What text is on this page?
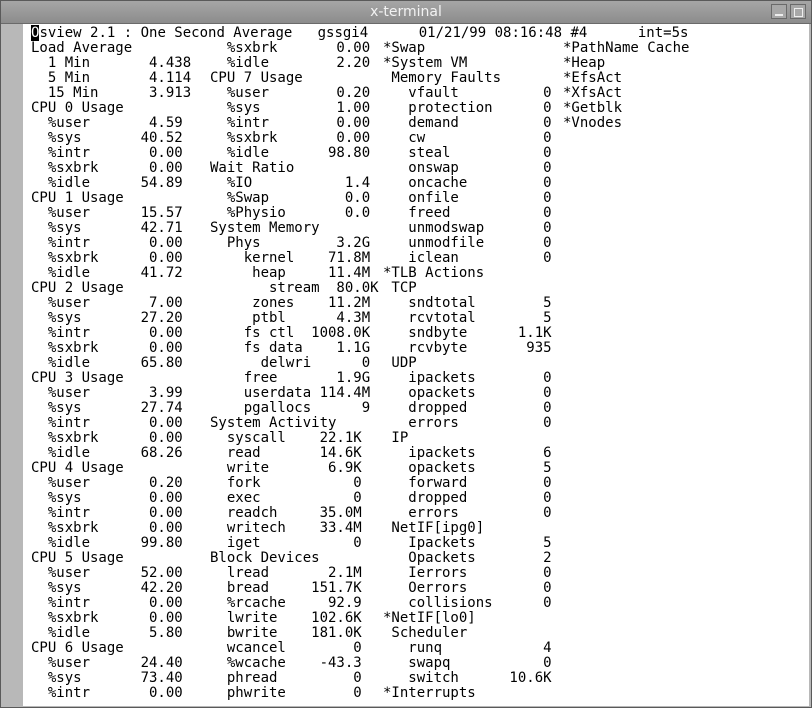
x-terminal
Osview 2.1 : One Second Average   gssgi4      01/21/99 08:16:48 #4      int=5s
Load Average
1 Min       4.438
5 Min       4.114
15 Min      3.913
CPU 0 Usage
%user       4.59
%sys       40.52
%intr       0.00
%sxbrk      0.00
%idle      54.89
CPU 1 Usage
%user      15.57
%sys       42.71
%intr       0.00
%sxbrk      0.00
%idle      41.72
CPU 2 Usage
%user       7.00
%sys       27.20
%intr       0.00
%sxbrk      0.00
%idle      65.80
CPU 3 Usage
%user       3.99
%sys       27.74
%intr       0.00
%sxbrk      0.00
%idle      68.26
CPU 4 Usage
%user       0.20
%sys        0.00
%intr       0.00
%sxbrk      0.00
%idle      99.80
CPU 5 Usage
%user      52.00
%sys       42.20
%intr       0.00
%sxbrk      0.00
%idle       5.80
CPU 6 Usage
%user      24.40
%sys       73.40
%intr       0.00
%sxbrk       0.00
%idle        2.20
CPU 7 Usage
%user        0.20
%sys         1.00
%intr        0.00
%sxbrk       0.00
%idle       98.80
Wait Ratio
%IO           1.4
%Swap         0.0
%Physio       0.0
System Memory
Phys         3.2G
kernel    71.8M
heap     11.4M
stream  80.0K
zones    11.2M
ptbl      4.3M
fs ctl  1008.0K
fs data    1.1G
delwri      0
free       1.9G
userdata 114.4M
pgallocs      9
System Activity
syscall    22.1K
read       14.6K
write       6.9K
fork           0
exec           0
readch     35.0M
writech    33.4M
iget           0
Block Devices
lread       2.1M
bread     151.7K
%rcache     92.9
lwrite    102.6K
bwrite    181.0K
wcancel        0
%wcache    -43.3
phread         0
phwrite        0
*Swap
*System VM
Memory Faults
vfault          0
protection      0
demand          0
cw              0
steal           0
onswap          0
oncache         0
onfile          0
freed           0
unmodswap       0
unmodfile       0
iclean          0
*TLB Actions
TCP
sndtotal        5
rcvtotal        5
sndbyte      1.1K
rcvbyte       935
UDP
ipackets        0
opackets        0
dropped         0
errors          0
IP
ipackets        6
opackets        5
forward         0
dropped         0
errors          0
NetIF[ipg0]
Ipackets        5
Opackets        2
Ierrors         0
Oerrors         0
collisions      0
*NetIF[lo0]
Scheduler
runq            4
swapq           0
switch      10.6K
*Interrupts
*PathName Cache
*Heap
*EfsAct
*XfsAct
*Getblk
*Vnodes
